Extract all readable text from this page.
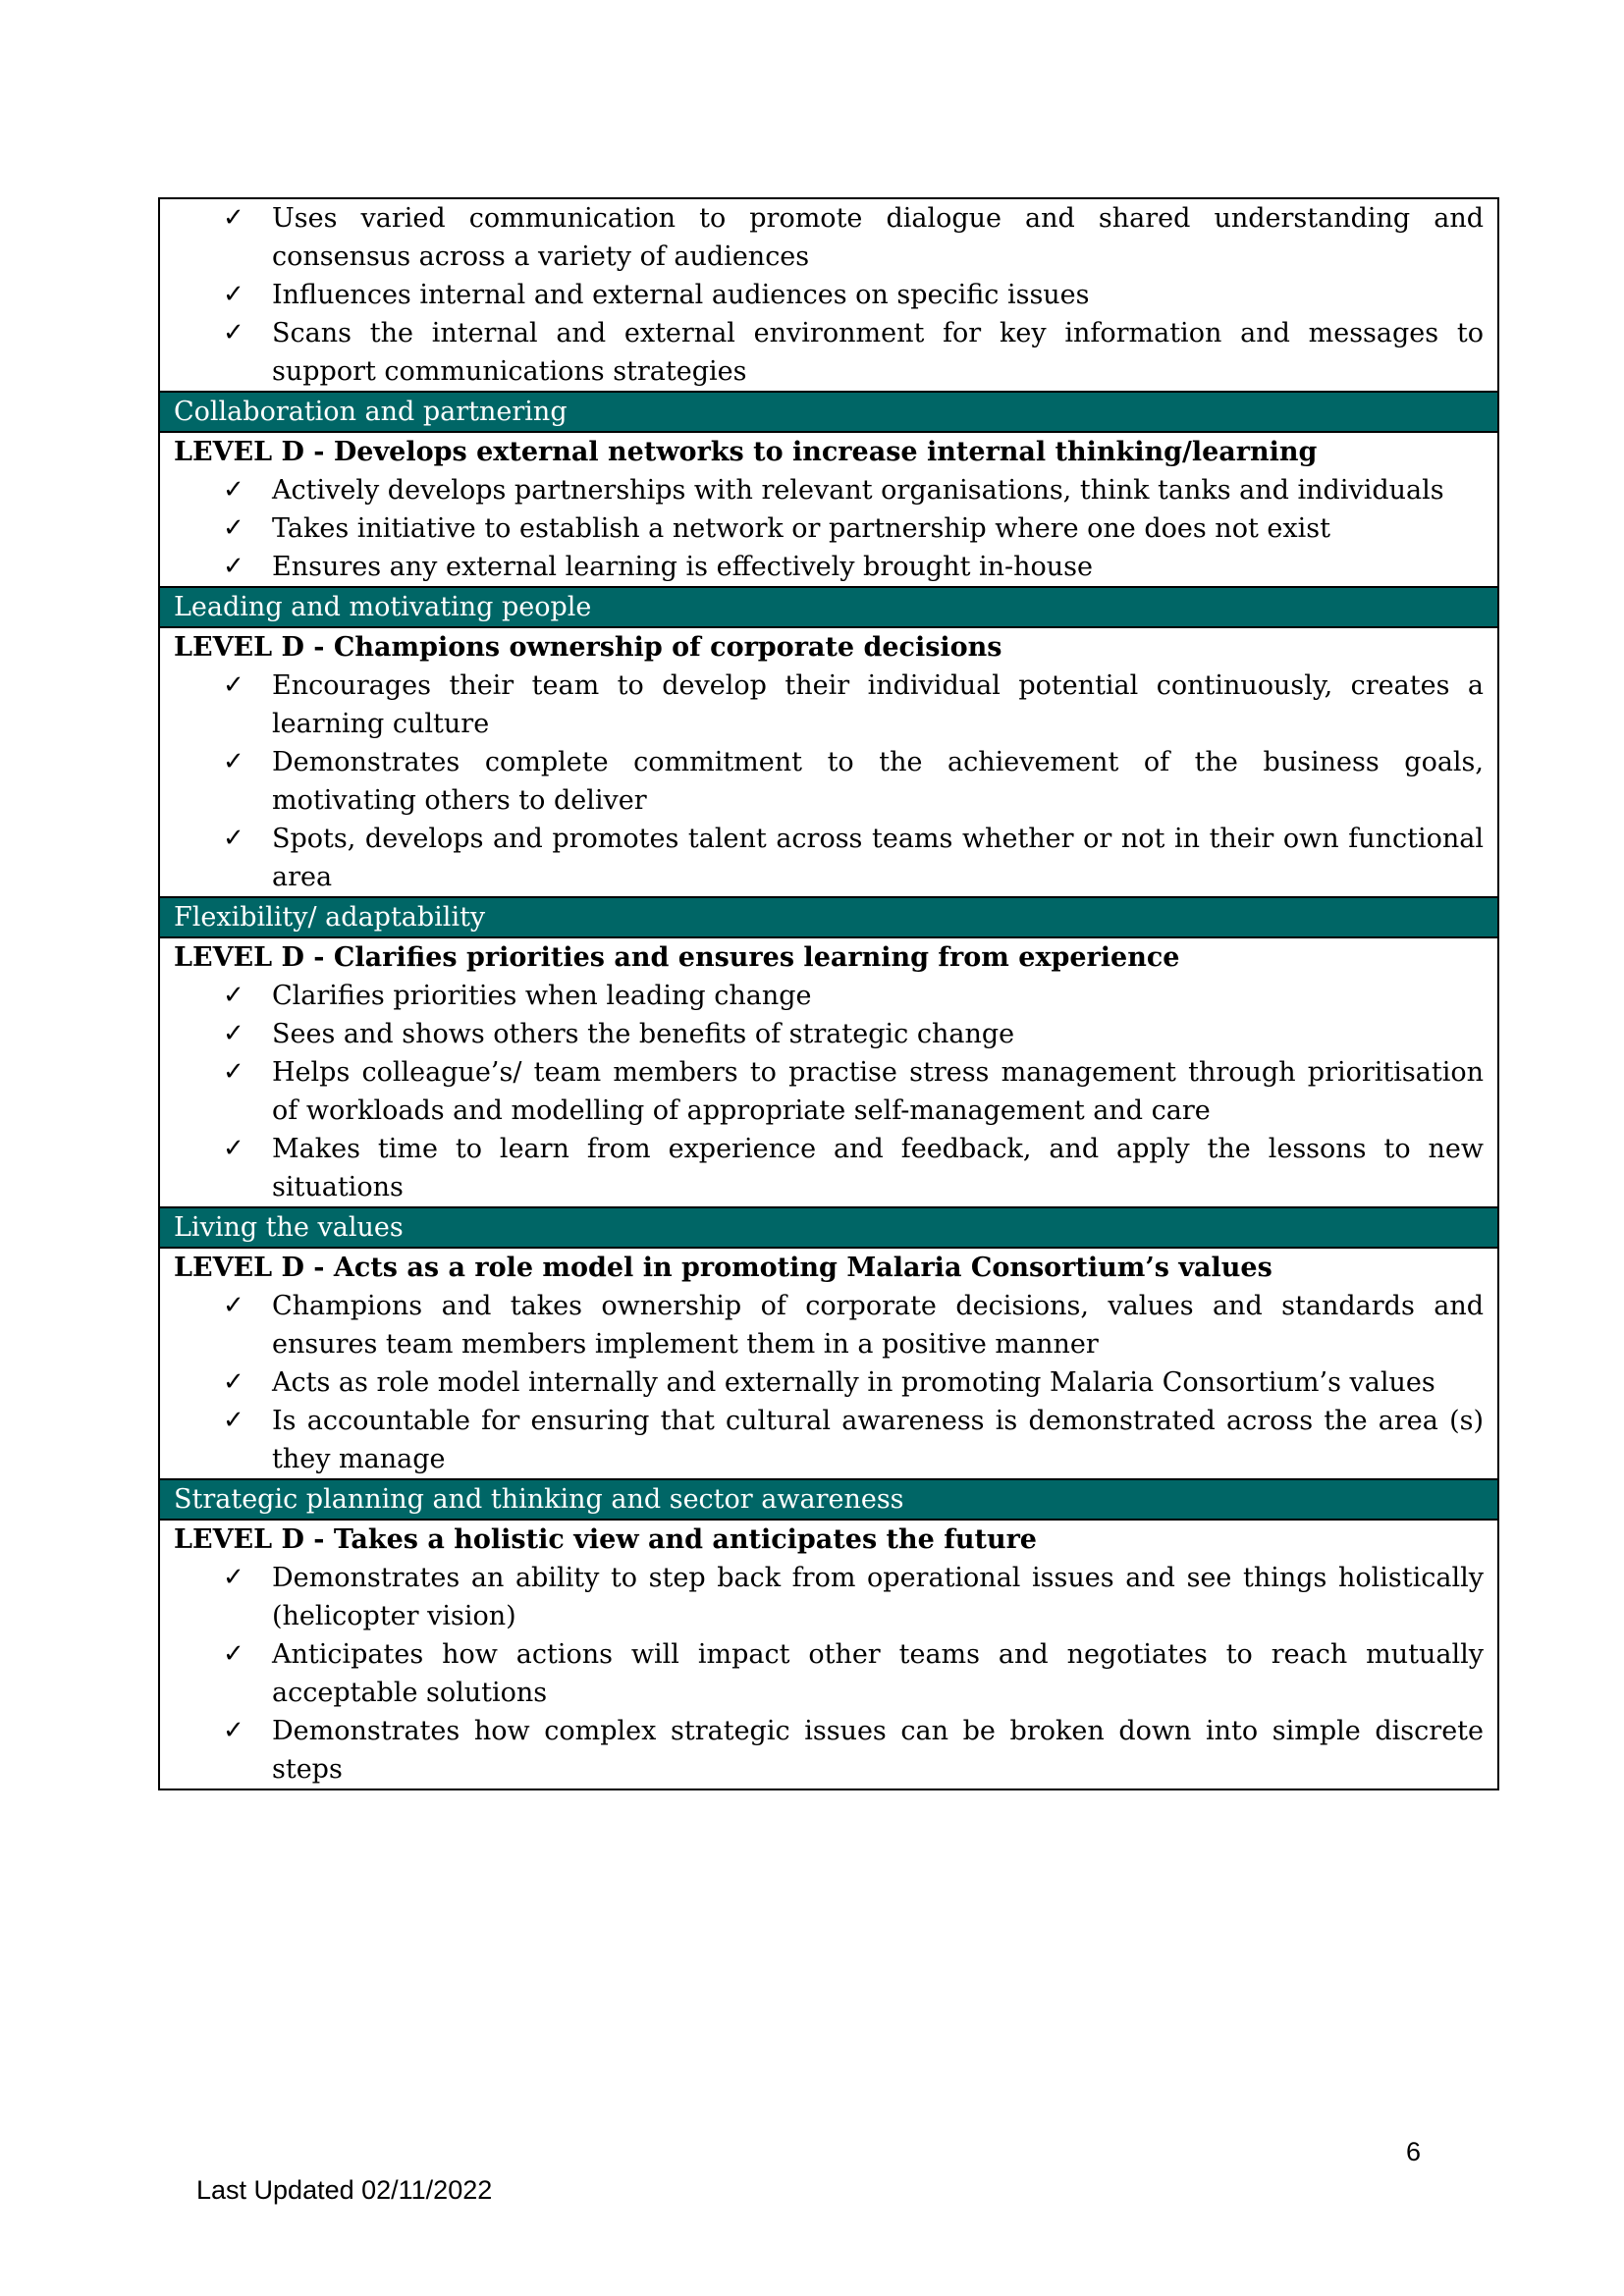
✓	Uses varied communication to promote dialogue and shared understanding and consensus across a variety of audiences
✓	Influences internal and external audiences on specific issues
✓	Scans the internal and external environment for key information and messages to support communications strategies
Collaboration and partnering
LEVEL D - Develops external networks to increase internal thinking/learning
✓	Actively develops partnerships with relevant organisations, think tanks and individuals
✓	Takes initiative to establish a network or partnership where one does not exist
✓	Ensures any external learning is effectively brought in-house
Leading and motivating people
LEVEL D - Champions ownership of corporate decisions
✓	Encourages their team to develop their individual potential continuously, creates a learning culture
✓	Demonstrates complete commitment to the achievement of the business goals, motivating others to deliver
✓	Spots, develops and promotes talent across teams whether or not in their own functional area
Flexibility/ adaptability
LEVEL D - Clarifies priorities and ensures learning from experience
✓	Clarifies priorities when leading change
✓	Sees and shows others the benefits of strategic change
✓	Helps colleague’s/ team members to practise stress management through prioritisation of workloads and modelling of appropriate self-management and care
✓	Makes time to learn from experience and feedback, and apply the lessons to new situations
Living the values
LEVEL D - Acts as a role model in promoting Malaria Consortium’s values
✓	Champions and takes ownership of corporate decisions, values and standards and ensures team members implement them in a positive manner
✓	Acts as role model internally and externally in promoting Malaria Consortium’s values
✓	Is accountable for ensuring that cultural awareness is demonstrated across the area (s) they manage
Strategic planning and thinking and sector awareness
LEVEL D - Takes a holistic view and anticipates the future
✓	Demonstrates an ability to step back from operational issues and see things holistically (helicopter vision)
✓	Anticipates how actions will impact other teams and negotiates to reach mutually acceptable solutions
✓	Demonstrates how complex strategic issues can be broken down into simple discrete steps
6
Last Updated 02/11/2022
